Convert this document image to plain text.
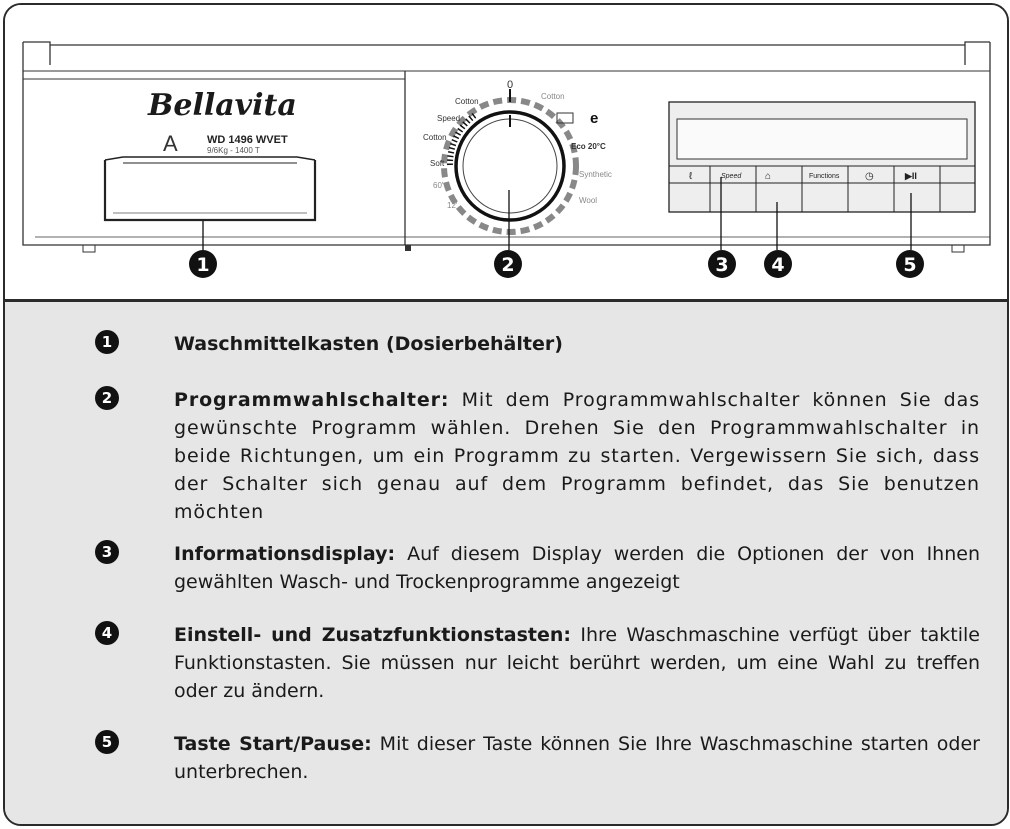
Bellavita
A	WD 1496 WVET
9/6Kg - 1400 T
0
Cotton
e
Eco 20°C
Synthetic
Wool
Cotton
Speed
Cotton
Soft
60'
12'
ℓ	Speed ⌂	Functions	◷	▶II
1	2	3 4	5
1	Waschmittelkasten (Dosierbehälter)
2	Programmwahlschalter: Mit dem Programmwahlschalter können Sie das gewünschte Programm wählen. Drehen Sie den Programmwahlschalter in beide Richtungen, um ein Programm zu starten. Vergewissern Sie sich, dass der Schalter sich genau auf dem Programm befindet, das Sie benutzen möchten
3	Informationsdisplay: Auf diesem Display werden die Optionen der von Ihnen gewählten Wasch- und Trockenprogramme angezeigt
4	Einstell- und Zusatzfunktionstasten: Ihre Waschmaschine verfügt über taktile Funktionstasten. Sie müssen nur leicht berührt werden, um eine Wahl zu treffen oder zu ändern.
5	Taste Start/Pause: Mit dieser Taste können Sie Ihre Waschmaschine starten oder unterbrechen.
